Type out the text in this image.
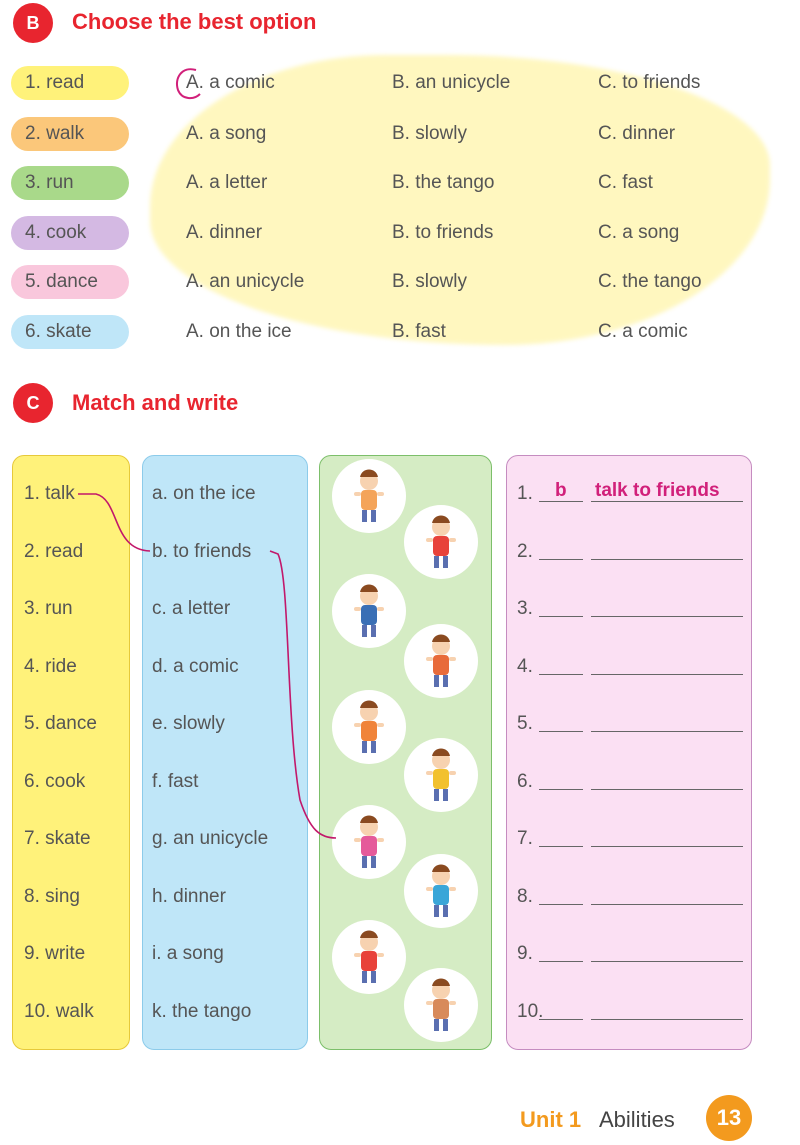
B	Choose the best option
1. read	A. a comic	B. an unicycle	C. to friends
2. walk	A. a song	B. slowly	C. dinner
3. run	A. a letter	B. the tango	C. fast
4. cook	A. dinner	B. to friends	C. a song
5. dance	A. an unicycle	B. slowly	C. the tango
6. skate	A. on the ice	B. fast	C. a comic
C	Match and write
1. talk
2. read
3. run
4. ride
5. dance
6. cook
7. skate
8. sing
9. write
10. walk
a. on the ice
b. to friends
c. a letter
d. a comic
e. slowly
f. fast
g. an unicycle
h. dinner
i. a song
k. the tango
1. b talk to friends
2.
3.
4.
5.
6.
7.
8.
9.
10.
Unit 1 Abilities	13
